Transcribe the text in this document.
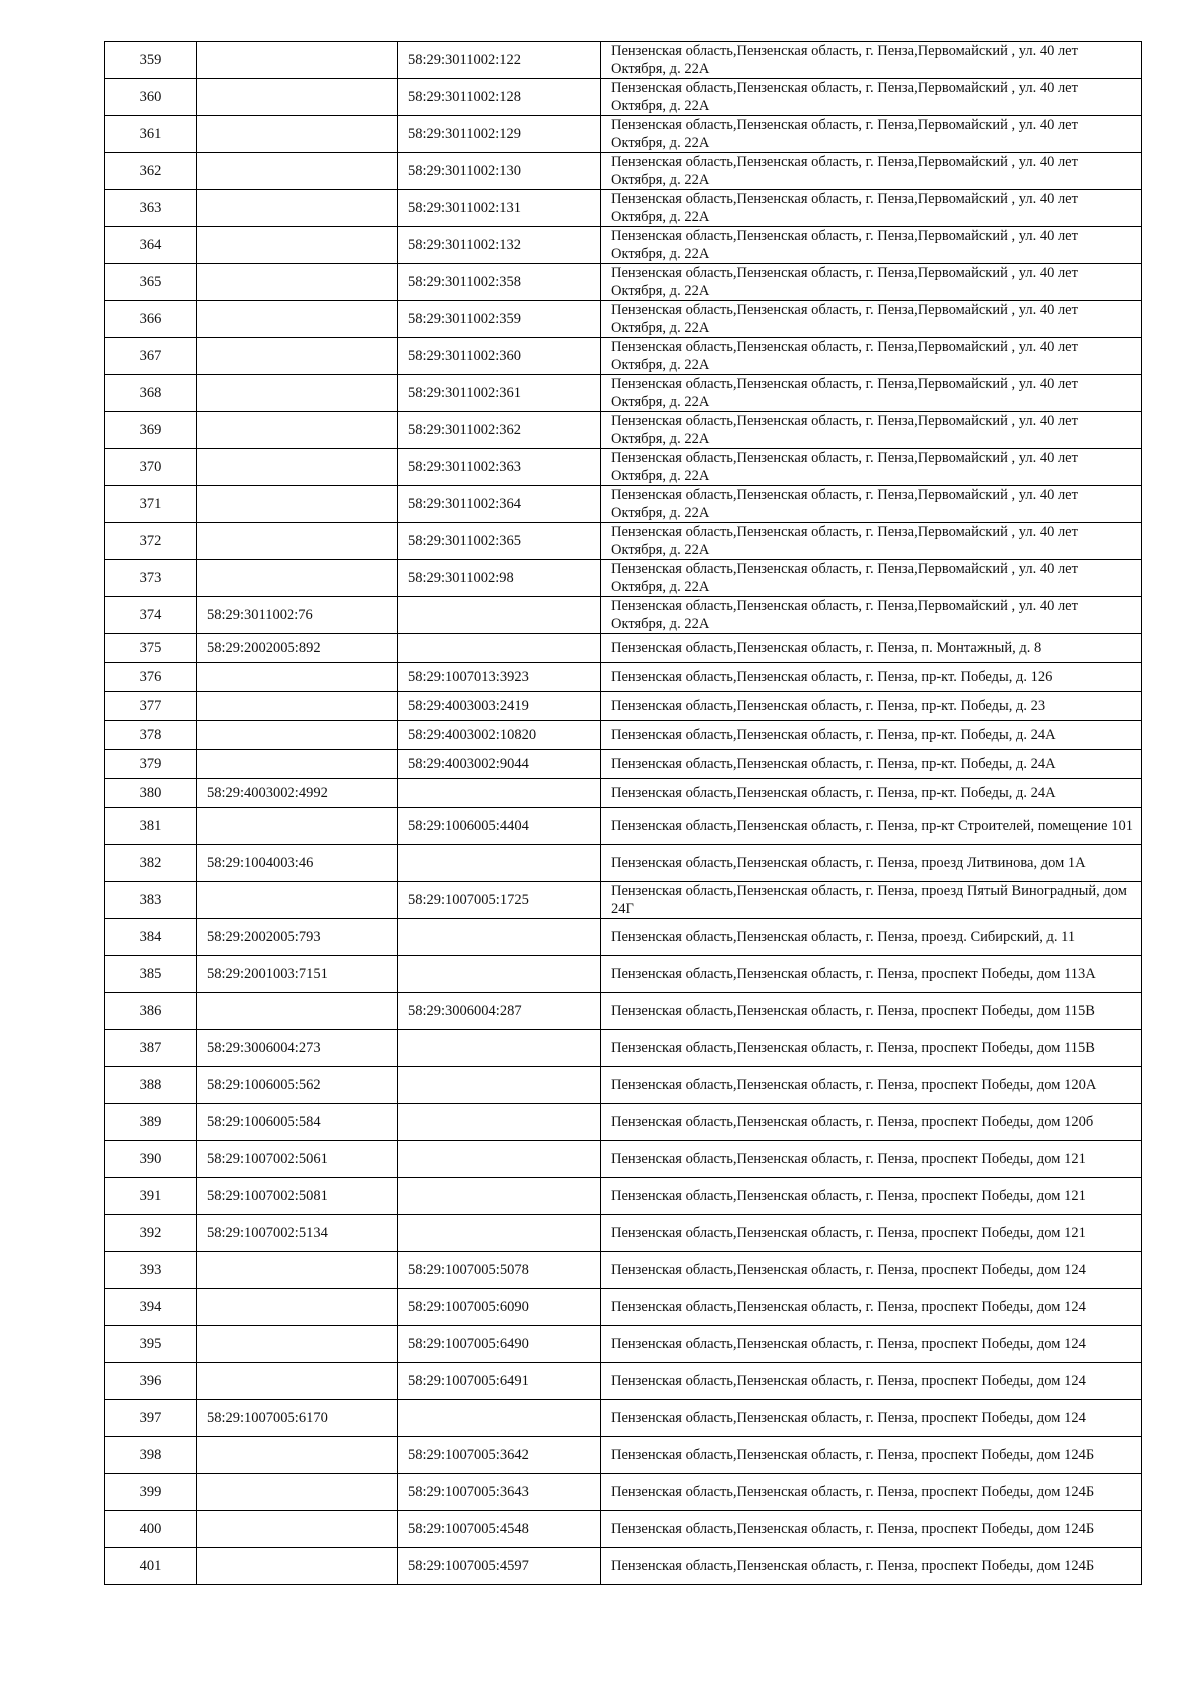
359		58:29:3011002:122	Пензенская область,Пензенская область, г. Пенза,Первомайский , ул. 40 лет Октября, д. 22А
360		58:29:3011002:128	Пензенская область,Пензенская область, г. Пенза,Первомайский , ул. 40 лет Октября, д. 22А
361		58:29:3011002:129	Пензенская область,Пензенская область, г. Пенза,Первомайский , ул. 40 лет Октября, д. 22А
362		58:29:3011002:130	Пензенская область,Пензенская область, г. Пенза,Первомайский , ул. 40 лет Октября, д. 22А
363		58:29:3011002:131	Пензенская область,Пензенская область, г. Пенза,Первомайский , ул. 40 лет Октября, д. 22А
364		58:29:3011002:132	Пензенская область,Пензенская область, г. Пенза,Первомайский , ул. 40 лет Октября, д. 22А
365		58:29:3011002:358	Пензенская область,Пензенская область, г. Пенза,Первомайский , ул. 40 лет Октября, д. 22А
366		58:29:3011002:359	Пензенская область,Пензенская область, г. Пенза,Первомайский , ул. 40 лет Октября, д. 22А
367		58:29:3011002:360	Пензенская область,Пензенская область, г. Пенза,Первомайский , ул. 40 лет Октября, д. 22А
368		58:29:3011002:361	Пензенская область,Пензенская область, г. Пенза,Первомайский , ул. 40 лет Октября, д. 22А
369		58:29:3011002:362	Пензенская область,Пензенская область, г. Пенза,Первомайский , ул. 40 лет Октября, д. 22А
370		58:29:3011002:363	Пензенская область,Пензенская область, г. Пенза,Первомайский , ул. 40 лет Октября, д. 22А
371		58:29:3011002:364	Пензенская область,Пензенская область, г. Пенза,Первомайский , ул. 40 лет Октября, д. 22А
372		58:29:3011002:365	Пензенская область,Пензенская область, г. Пенза,Первомайский , ул. 40 лет Октября, д. 22А
373		58:29:3011002:98	Пензенская область,Пензенская область, г. Пенза,Первомайский , ул. 40 лет Октября, д. 22А
374	58:29:3011002:76		Пензенская область,Пензенская область, г. Пенза,Первомайский , ул. 40 лет Октября, д. 22А
375	58:29:2002005:892		Пензенская область,Пензенская область, г. Пенза, п. Монтажный, д. 8
376		58:29:1007013:3923	Пензенская область,Пензенская область, г. Пенза, пр-кт. Победы, д. 126
377		58:29:4003003:2419	Пензенская область,Пензенская область, г. Пенза, пр-кт. Победы, д. 23
378		58:29:4003002:10820	Пензенская область,Пензенская область, г. Пенза, пр-кт. Победы, д. 24А
379		58:29:4003002:9044	Пензенская область,Пензенская область, г. Пенза, пр-кт. Победы, д. 24А
380	58:29:4003002:4992		Пензенская область,Пензенская область, г. Пенза, пр-кт. Победы, д. 24А
381		58:29:1006005:4404	Пензенская область,Пензенская область, г. Пенза, пр-кт Строителей, помещение 101
382	58:29:1004003:46		Пензенская область,Пензенская область, г. Пенза, проезд Литвинова, дом 1А
383		58:29:1007005:1725	Пензенская область,Пензенская область, г. Пенза, проезд Пятый Виноградный, дом 24Г
384	58:29:2002005:793		Пензенская область,Пензенская область, г. Пенза, проезд. Сибирский, д. 11
385	58:29:2001003:7151		Пензенская область,Пензенская область, г. Пенза, проспект Победы, дом 113А
386		58:29:3006004:287	Пензенская область,Пензенская область, г. Пенза, проспект Победы, дом 115В
387	58:29:3006004:273		Пензенская область,Пензенская область, г. Пенза, проспект Победы, дом 115В
388	58:29:1006005:562		Пензенская область,Пензенская область, г. Пенза, проспект Победы, дом 120А
389	58:29:1006005:584		Пензенская область,Пензенская область, г. Пенза, проспект Победы, дом 120б
390	58:29:1007002:5061		Пензенская область,Пензенская область, г. Пенза, проспект Победы, дом 121
391	58:29:1007002:5081		Пензенская область,Пензенская область, г. Пенза, проспект Победы, дом 121
392	58:29:1007002:5134		Пензенская область,Пензенская область, г. Пенза, проспект Победы, дом 121
393		58:29:1007005:5078	Пензенская область,Пензенская область, г. Пенза, проспект Победы, дом 124
394		58:29:1007005:6090	Пензенская область,Пензенская область, г. Пенза, проспект Победы, дом 124
395		58:29:1007005:6490	Пензенская область,Пензенская область, г. Пенза, проспект Победы, дом 124
396		58:29:1007005:6491	Пензенская область,Пензенская область, г. Пенза, проспект Победы, дом 124
397	58:29:1007005:6170		Пензенская область,Пензенская область, г. Пенза, проспект Победы, дом 124
398		58:29:1007005:3642	Пензенская область,Пензенская область, г. Пенза, проспект Победы, дом 124Б
399		58:29:1007005:3643	Пензенская область,Пензенская область, г. Пенза, проспект Победы, дом 124Б
400		58:29:1007005:4548	Пензенская область,Пензенская область, г. Пенза, проспект Победы, дом 124Б
401		58:29:1007005:4597	Пензенская область,Пензенская область, г. Пенза, проспект Победы, дом 124Б
